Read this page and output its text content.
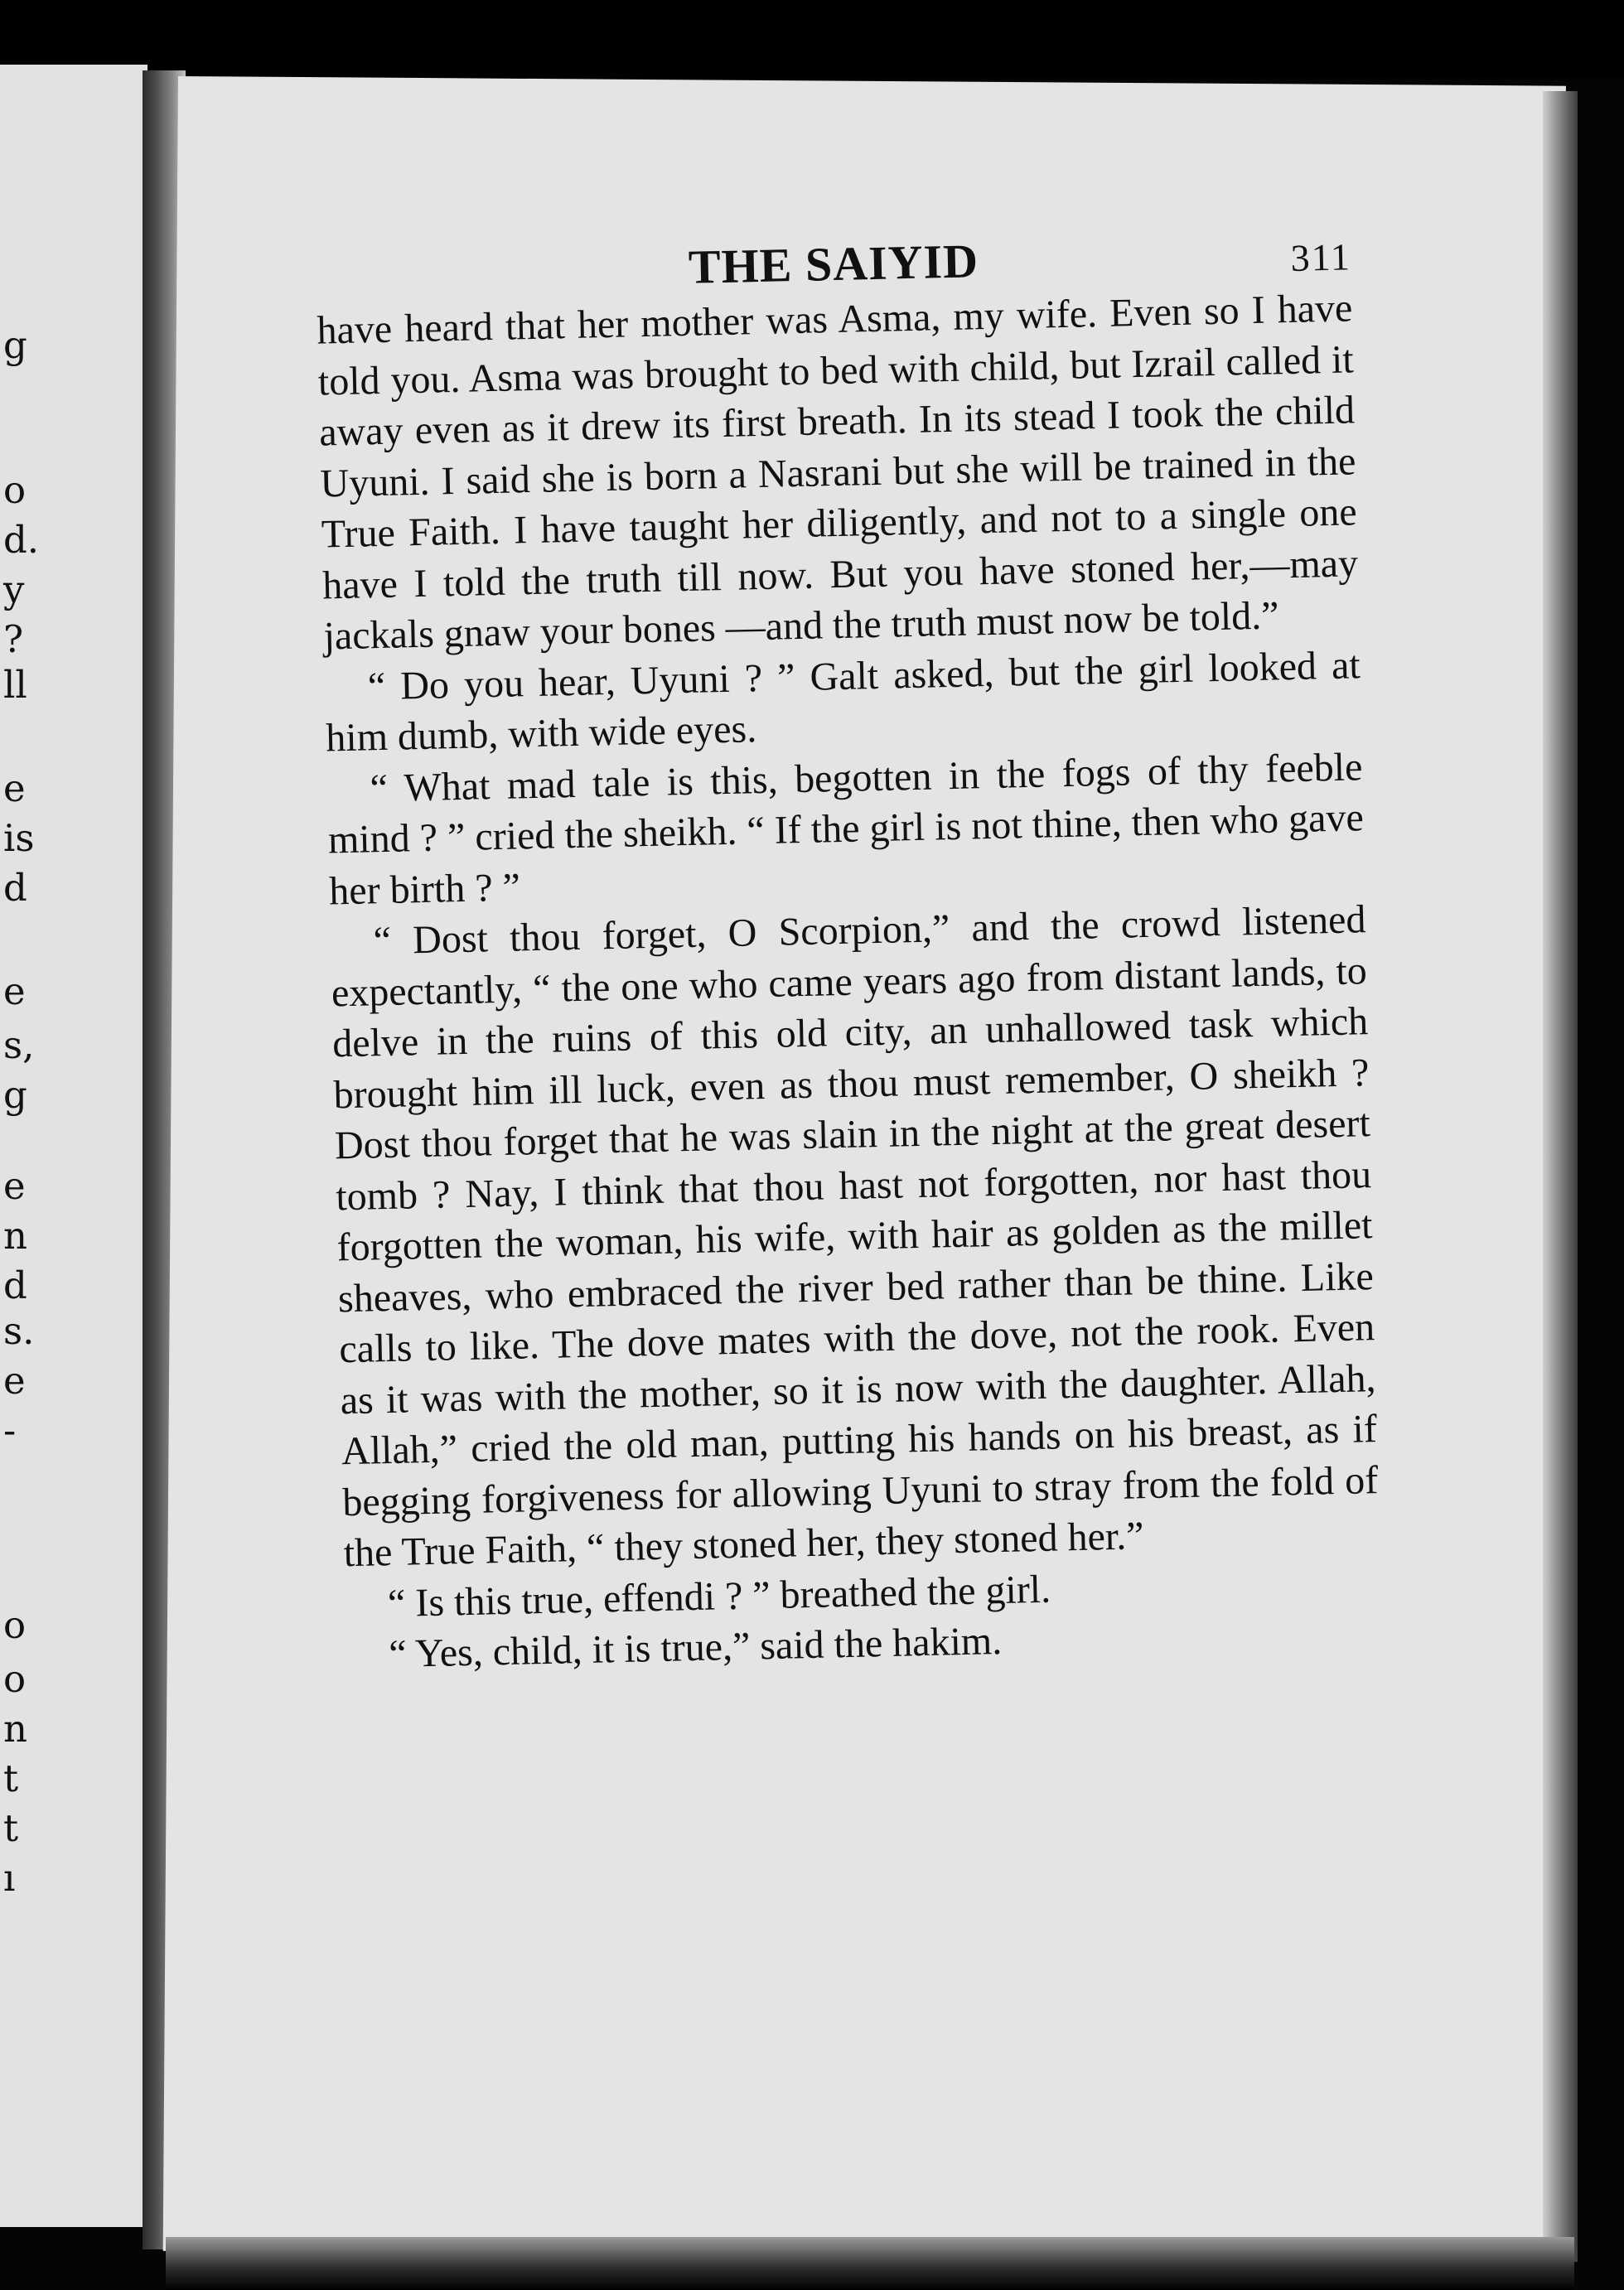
g
o
d.
y
?
ll
e
is
d
e
s,
g
e
n
d
s.
e
-
o
o
n
t
t
ı
THE SAIYID	311

have heard that her mother was Asma, my wife. Even so I have told you. Asma was brought to bed with child, but Izrail called it away even as it drew its first breath. In its stead I took the child Uyuni. I said she is born a Nasrani but she will be trained in the True Faith. I have taught her diligently, and not to a single one have I told the truth till now. But you have stoned her,—may jackals gnaw your bones —and the truth must now be told.”

“ Do you hear, Uyuni ? ” Galt asked, but the girl looked at him dumb, with wide eyes.

“ What mad tale is this, begotten in the fogs of thy feeble mind ? ” cried the sheikh. “ If the girl is not thine, then who gave her birth ? ”

“ Dost thou forget, O Scorpion,” and the crowd listened expectantly, “ the one who came years ago from distant lands, to delve in the ruins of this old city, an unhallowed task which brought him ill luck, even as thou must remember, O sheikh ? Dost thou forget that he was slain in the night at the great desert tomb ? Nay, I think that thou hast not forgotten, nor hast thou forgotten the woman, his wife, with hair as golden as the millet sheaves, who embraced the river bed rather than be thine. Like calls to like. The dove mates with the dove, not the rook. Even as it was with the mother, so it is now with the daughter. Allah, Allah,” cried the old man, putting his hands on his breast, as if begging forgiveness for allowing Uyuni to stray from the fold of the True Faith, “ they stoned her, they stoned her.”

“ Is this true, effendi ? ” breathed the girl.

“ Yes, child, it is true,” said the hakim.
